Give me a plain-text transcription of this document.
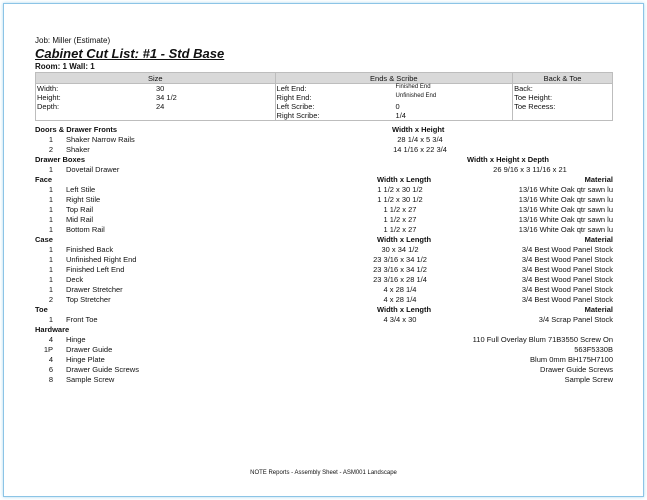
Job: Miller (Estimate)
Cabinet Cut List: #1 - Std Base
Room: 1 Wall: 1
Size	Ends & Scribe	Back & Toe
Width: 30	Left End: Finished End	Back:
Height: 34 1/2	Right End: Unfinished End	Toe Height:
Depth: 24	Left Scribe: 0	Toe Recess:

	Right Scribe: 1/4	

Doors & Drawer Fronts	Width x Height
1 Shaker Narrow Rails	28 1/4 x 5 3/4
2 Shaker	14 1/16 x 22 3/4
Drawer Boxes	Width x Height x Depth
1 Dovetail Drawer	26 9/16 x 3 11/16 x 21
Face	Width x Length	Material
1 Left Stile	1 1/2 x 30 1/2	13/16 White Oak qtr sawn lu
1 Right Stile	1 1/2 x 30 1/2	13/16 White Oak qtr sawn lu
1 Top Rail	1 1/2 x 27	13/16 White Oak qtr sawn lu
1 Mid Rail	1 1/2 x 27	13/16 White Oak qtr sawn lu
1 Bottom Rail	1 1/2 x 27	13/16 White Oak qtr sawn lu
Case	Width x Length	Material
1 Finished Back	30 x 34 1/2	3/4 Best Wood Panel Stock
1 Unfinished Right End	23 3/16 x 34 1/2	3/4 Best Wood Panel Stock
1 Finished Left End	23 3/16 x 34 1/2	3/4 Best Wood Panel Stock
1 Deck	23 3/16 x 28 1/4	3/4 Best Wood Panel Stock
1 Drawer Stretcher	4 x 28 1/4	3/4 Best Wood Panel Stock
2 Top Stretcher	4 x 28 1/4	3/4 Best Wood Panel Stock
Toe	Width x Length	Material
1 Front Toe	4 3/4 x 30	3/4 Scrap Panel Stock
Hardware
4 Hinge	110 Full Overlay Blum 71B3550 Screw On
1P Drawer Guide	563F5330B
4 Hinge Plate	Blum 0mm BH175H7100
6 Drawer Guide Screws	Drawer Guide Screws
8 Sample Screw	Sample Screw
NOTE Reports - Assembly Sheet - ASM001 Landscape
